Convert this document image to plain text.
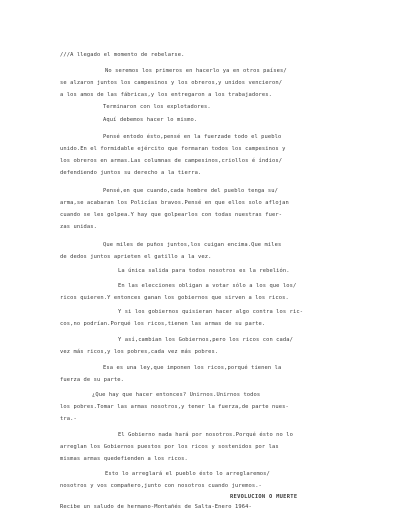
///A llegado el momento de rebelarse.
No seremos los primeros en hacerlo ya en otros países/
se alzaron juntos los campesinos y los obreros,y unidos vencieron/
a los amos de las fábricas,y los entregaron a los trabajadores.
Terminaron con los explotadores.
Aquí debemos hacer lo mismo.
Pensé entodo ésto,pensé en la fuerzade todo el pueblo
unido.En el formidable ejército que formaran todos los campesinos y
los obreros en armas.Las columnas de campesinos,criollos é índios/
defendiendo juntos su derecho a la tierra.
Pensé,en que cuando,cada hombre del pueblo tenga su/
arma,se acabaran los Policías bravos.Pensé en que ellos solo aflojan
cuando se les golpea.Y hay que golpearlos con todas nuestras fuer-
zas unidas.
Que miles de puños juntos,los cuigan encima.Que miles
de dedos juntos aprieten el gatillo a la vez.
La única salida para todos nosotros es la rebelión.
En las elecciones obligan a votar sólo a los que los/
ricos quieren.Y entonces ganan los gobiernos que sirven a los ricos.
Y si los gobiernos quisieran hacer algo contra los ric-
cos,no podrían.Porqué los ricos,tienen las armas de su parte.
Y así,cambian los Gobiernos,pero los ricos con cada/
vez más ricos,y los pobres,cada vez más pobres.
Esa es una ley,que imponen los ricos,porqué tienen la
fuerza de su parte.
¿Que hay que hacer entonces? Unirnos.Unirnos todos
los pobres.Tomar las armas nosotros,y tener la fuerza,de parte nues-
tra.-
El Gobierno nada hará por nosotros.Porqué ésto no lo
arreglan los Gobiernos puestos por los ricos y sostenidos por las
mismas armas quedefienden a los ricos.
Esto lo arreglará el pueblo ésto lo arreglaremos/
nosotros y vos compañero,junto con nosotros cuando juremos.-
REVOLUCION O MUERTE
Recibe un saludo de hermano-Montañés de Salta-Enero 1964-
